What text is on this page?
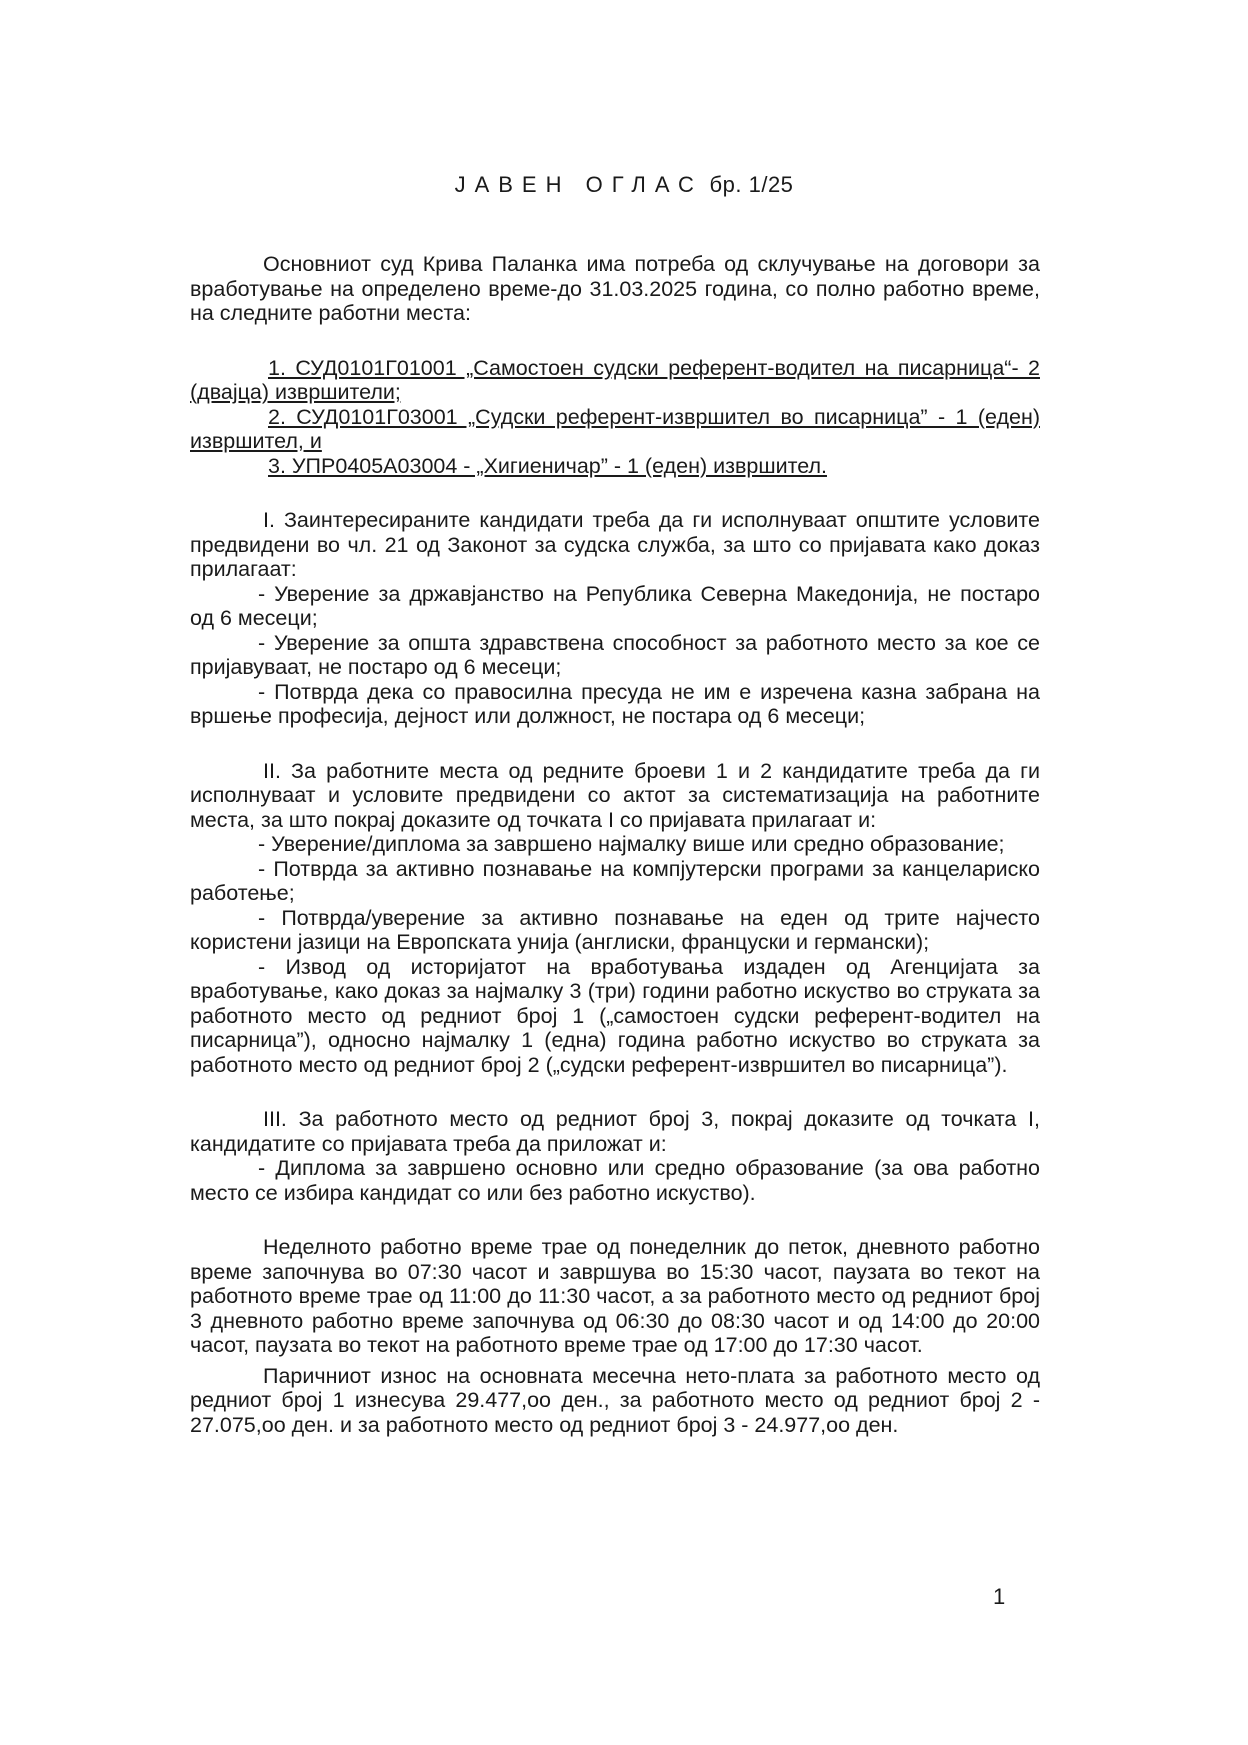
ЈАВЕН ОГЛАС бр. 1/25

Основниот суд Крива Паланка има потреба од склучување на договори за вработување на определено време-до 31.03.2025 година, со полно работно време, на следните работни места:

1. СУД0101Г01001 „Самостоен судски референт-водител на писарница“- 2 (двајца) извршители;

2. СУД0101Г03001 „Судски референт-извршител во писарница” - 1 (еден) извршител, и

3. УПР0405А03004 - „Хигиеничар” - 1 (еден) извршител.

I. Заинтересираните кандидати треба да ги исполнуваат општите условите предвидени во чл. 21 од Законот за судска служба, за што со пријавата како доказ прилагаат:

- Уверение за државјанство на Република Северна Македонија, не постаро од 6 месеци;

- Уверение за општа здравствена способност за работното место за кое се пријавуваат, не постаро од 6 месеци;

- Потврда дека со правосилна пресуда не им е изречена казна забрана на вршење професија, дејност или должност, не постара од 6 месеци;

II. За работните места од редните броеви 1 и 2 кандидатите треба да ги исполнуваат и условите предвидени со актот за систематизација на работните места, за што покрај доказите од точката I со пријавата прилагаат и:

- Уверение/диплома за завршено најмалку више или средно образование;

- Потврда за активно познавање на компјутерски програми за канцелариско работење;

- Потврда/уверение за активно познавање на еден од трите најчесто користени јазици на Европската унија (англиски, француски и германски);

- Извод од историјатот на вработувања издаден од Агенцијата за вработување, како доказ за најмалку 3 (три) години работно искуство во струката за работното место од редниот број 1 („самостоен судски референт-водител на писарница”), односно најмалку 1 (една) година работно искуство во струката за работното место од редниот број 2 („судски референт-извршител во писарница”).

III. За работното место од редниот број 3, покрај доказите од точката I, кандидатите со пријавата треба да приложат и:

- Диплома за завршено основно или средно образование (за ова работно место се избира кандидат со или без работно искуство).

Неделното работно време трае од понеделник до петок, дневното работно време започнува во 07:30 часот и завршува во 15:30 часот, паузата во текот на работното време трае од 11:00 до 11:30 часот, а за работното место од редниот број 3 дневното работно време започнува од 06:30 до 08:30 часот и од 14:00 до 20:00 часот, паузата во текот на работното време трае од 17:00 до 17:30 часот.

Паричниот износ на основната месечна нето-плата за работното место од редниот број 1 изнесува 29.477,оо ден., за работното место од редниот број 2 - 27.075,оо ден. и за работното место од редниот број 3 - 24.977,оо ден.

1
